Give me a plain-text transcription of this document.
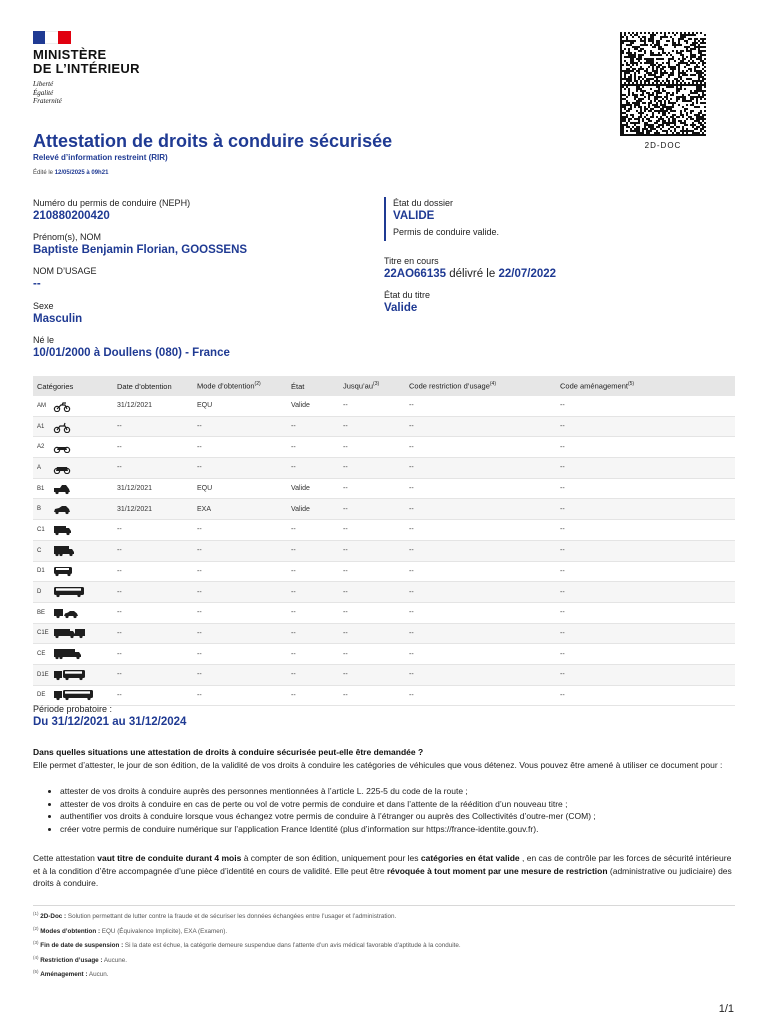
MINISTÈRE
DE L’INTÉRIEUR
Liberté
Égalité
Fraternité
2D-DOC
Attestation de droits à conduire sécurisée
Relevé d’information restreint (RIR)
Édité le 12/05/2025 à 09h21
Numéro du permis de conduire (NEPH)
210880200420
Prénom(s), NOM
Baptiste Benjamin Florian, GOOSSENS
NOM D’USAGE
--
Sexe
Masculin
Né le
10/01/2000 à Doullens (080) - France
État du dossier
VALIDE
Permis de conduire valide.
Titre en cours
22AO66135 délivré le 22/07/2022
État du titre
Valide
Catégories	Date d’obtention	Mode d’obtention$^{(2)}$	État	$Jusqu’au^{(3)}$	Code restriction d’usage$^{(4)}$	Code aménagement$^{(5)}$

AM	31/12/2021	EQU	Valide	--	--	--

A1	--	--	--	--	--	--

A2	--	--	--	--	--	--

A	--	--	--	--	--	--

B1	31/12/2021	EQU	Valide	--	--	--

B	31/12/2021	EXA	Valide	--	--	--

C1	--	--	--	--	--	--

C	--	--	--	--	--	--

D1	--	--	--	--	--	--

D	--	--	--	--	--	--

BE	--	--	--	--	--	--

C1E	--	--	--	--	--	--

CE	--	--	--	--	--	--

D1E	--	--	--	--	--	--

DE	--	--	--	--	--	--
Période probatoire :
Du 31/12/2021 au 31/12/2024
Dans quelles situations une attestation de droits à conduire sécurisée peut-elle être demandée ?
Elle permet d’attester, le jour de son édition, de la validité de vos droits à conduire les catégories de véhicules que vous détenez. Vous pouvez être amené à utiliser ce document pour :
• attester de vos droits à conduire auprès des personnes mentionnées à l’article L. 225-5 du code de la route ;
• attester de vos droits à conduire en cas de perte ou vol de votre permis de conduire et dans l’attente de la réédition d’un nouveau titre ;
• authentifier vos droits à conduire lorsque vous échangez votre permis de conduire à l’étranger ou auprès des Collectivités d’outre-mer (COM) ;
• créer votre permis de conduire numérique sur l’application France Identité (plus d’information sur https://france-identite.gouv.fr).
Cette attestation vaut titre de conduite durant 4 mois à compter de son édition, uniquement pour les catégories en état valide , en cas de contrôle par les forces de sécurité intérieure et à la condition d’être accompagnée d’une pièce d’identité en cours de validité. Elle peut être révoquée à tout moment par une mesure de restriction (administrative ou judiciaire) des droits à conduire.
$^{(1)}$ 2D-Doc : Solution permettant de lutter contre la fraude et de sécuriser les données échangées entre l’usager et l’administration.
$^{(2)}$ Modes d’obtention : EQU (Équivalence Implicite), EXA (Examen).
$^{(3)}$ Fin de date de suspension : Si la date est échue, la catégorie demeure suspendue dans l’attente d’un avis médical favorable d’aptitude à la conduite.
$^{(4)}$ Restriction d’usage : Aucune.
$^{(5)}$ Aménagement : Aucun.
1/1
